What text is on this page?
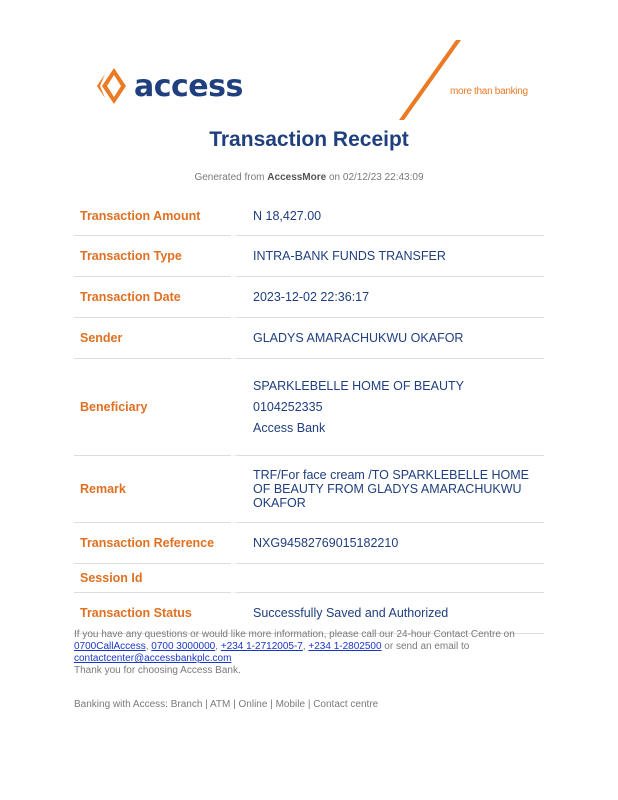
access	more than banking
Transaction Receipt
Generated from AccessMore on 02/12/23 22:43:09
Transaction Amount	N 18,427.00
Transaction Type	INTRA-BANK FUNDS TRANSFER
Transaction Date	2023-12-02 22:36:17
Sender	GLADYS AMARACHUKWU OKAFOR
Beneficiary	SPARKLEBELLE HOME OF BEAUTY
0104252335
Access Bank

Remark	TRF/For face cream /TO SPARKLEBELLE HOME
OF BEAUTY FROM GLADYS AMARACHUKWU
OKAFOR

Transaction Reference	NXG94582769015182210
Session Id	
Transaction Status	Successfully Saved and Authorized
If you have any questions or would like more information, please call our 24-hour Contact Centre on
0700CallAccess, 0700 3000000, +234 1-2712005-7, +234 1-2802500 or send an email to
contactcenter@accessbankplc.com
Thank you for choosing Access Bank.
Banking with Access: Branch | ATM | Online | Mobile | Contact centre
